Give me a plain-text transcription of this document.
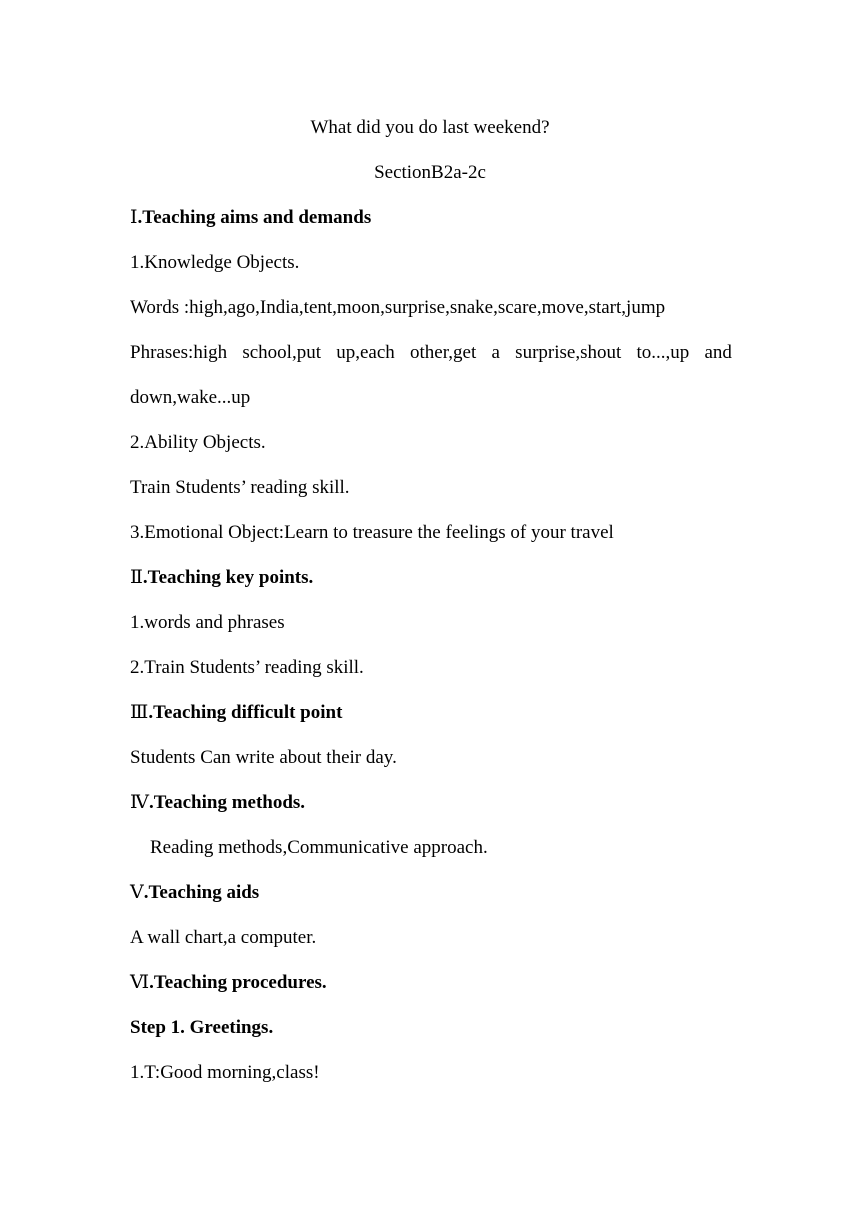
What did you do last weekend?
SectionB2a-2c
Ⅰ.Teaching aims and demands
1.Knowledge Objects.
Words :high,ago,India,tent,moon,surprise,snake,scare,move,start,jump
Phrases:high school,put up,each other,get a surprise,shout to...,up and
down,wake...up
2.Ability Objects.
Train Students’ reading skill.
3.Emotional Object:Learn to treasure the feelings of your travel
Ⅱ.Teaching key points.
1.words and phrases
2.Train Students’ reading skill.
Ⅲ.Teaching difficult point
Students Can write about their day.
Ⅳ.Teaching methods.
Reading methods,Communicative approach.
Ⅴ.Teaching aids
A wall chart,a computer.
Ⅵ.Teaching procedures.
Step 1. Greetings.
1.T:Good morning,class!
